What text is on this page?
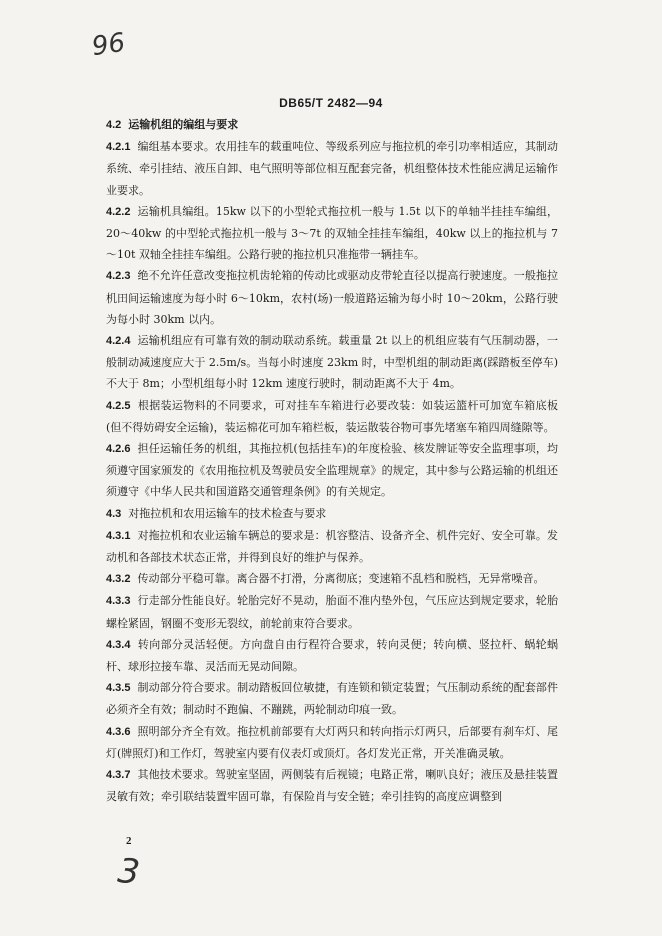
96
DB65/T 2482—94

4.2 运输机组的编组与要求

4.2.1 编组基本要求。农用挂车的载重吨位、等级系列应与拖拉机的牵引功率相适应，其制动系统、牵引挂结、液压自卸、电气照明等部位相互配套完备，机组整体技术性能应满足运输作业要求。

4.2.2 运输机具编组。15kw 以下的小型轮式拖拉机一般与 1.5t 以下的单轴半挂挂车编组，20～40kw 的中型轮式拖拉机一般与 3～7t 的双轴全挂挂车编组，40kw 以上的拖拉机与 7～10t 双轴全挂挂车编组。公路行驶的拖拉机只准拖带一辆挂车。

4.2.3 绝不允许任意改变拖拉机齿轮箱的传动比或驱动皮带轮直径以提高行驶速度。一般拖拉机田间运输速度为每小时 6～10km，农村(场)一般道路运输为每小时 10～20km，公路行驶为每小时 30km 以内。

4.2.4 运输机组应有可靠有效的制动联动系统。载重量 2t 以上的机组应装有气压制动器，一般制动减速度应大于 2.5m/s。当每小时速度 23km 时，中型机组的制动距离(踩踏板至停车)不大于 8m；小型机组每小时 12km 速度行驶时，制动距离不大于 4m。

4.2.5 根据装运物料的不同要求，可对挂车车箱进行必要改装：如装运篮杆可加宽车箱底板(但不得妨碍安全运输)，装运棉花可加车箱栏板，装运散装谷物可事先堵塞车箱四周缝隙等。

4.2.6 担任运输任务的机组，其拖拉机(包括挂车)的年度检验、核发牌证等安全监理事项，均须遵守国家颁发的《农用拖拉机及驾驶员安全监理规章》的规定，其中参与公路运输的机组还须遵守《中华人民共和国道路交通管理条例》的有关规定。

4.3 对拖拉机和农用运输车的技术检查与要求

4.3.1 对拖拉机和农业运输车辆总的要求是：机容整洁、设备齐全、机件完好、安全可靠。发动机和各部技术状态正常，并得到良好的维护与保养。

4.3.2 传动部分平稳可靠。离合器不打滑，分离彻底；变速箱不乱档和脱档，无异常噪音。

4.3.3 行走部分性能良好。轮胎完好不晃动，胎面不准内垫外包，气压应达到规定要求，轮胎螺栓紧固，钢圈不变形无裂纹，前轮前束符合要求。

4.3.4 转向部分灵活轻便。方向盘自由行程符合要求，转向灵便；转向横、竖拉杆、蜗轮蜗杆、球形拉接车靠、灵活而无晃动间隙。

4.3.5 制动部分符合要求。制动踏板回位敏捷，有连锁和锁定装置；气压制动系统的配套部件必须齐全有效；制动时不跑偏、不蹦跳，两轮制动印痕一致。

4.3.6 照明部分齐全有效。拖拉机前部要有大灯两只和转向指示灯两只，后部要有刹车灯、尾灯(牌照灯)和工作灯，驾驶室内要有仪表灯或顶灯。各灯发光正常，开关准确灵敏。

4.3.7 其他技术要求。驾驶室坚固，两侧装有后视镜；电路正常，喇叭良好；液压及悬挂装置灵敏有效；牵引联结装置牢固可靠，有保险肖与安全链；牵引挂钩的高度应调整到

2
3
